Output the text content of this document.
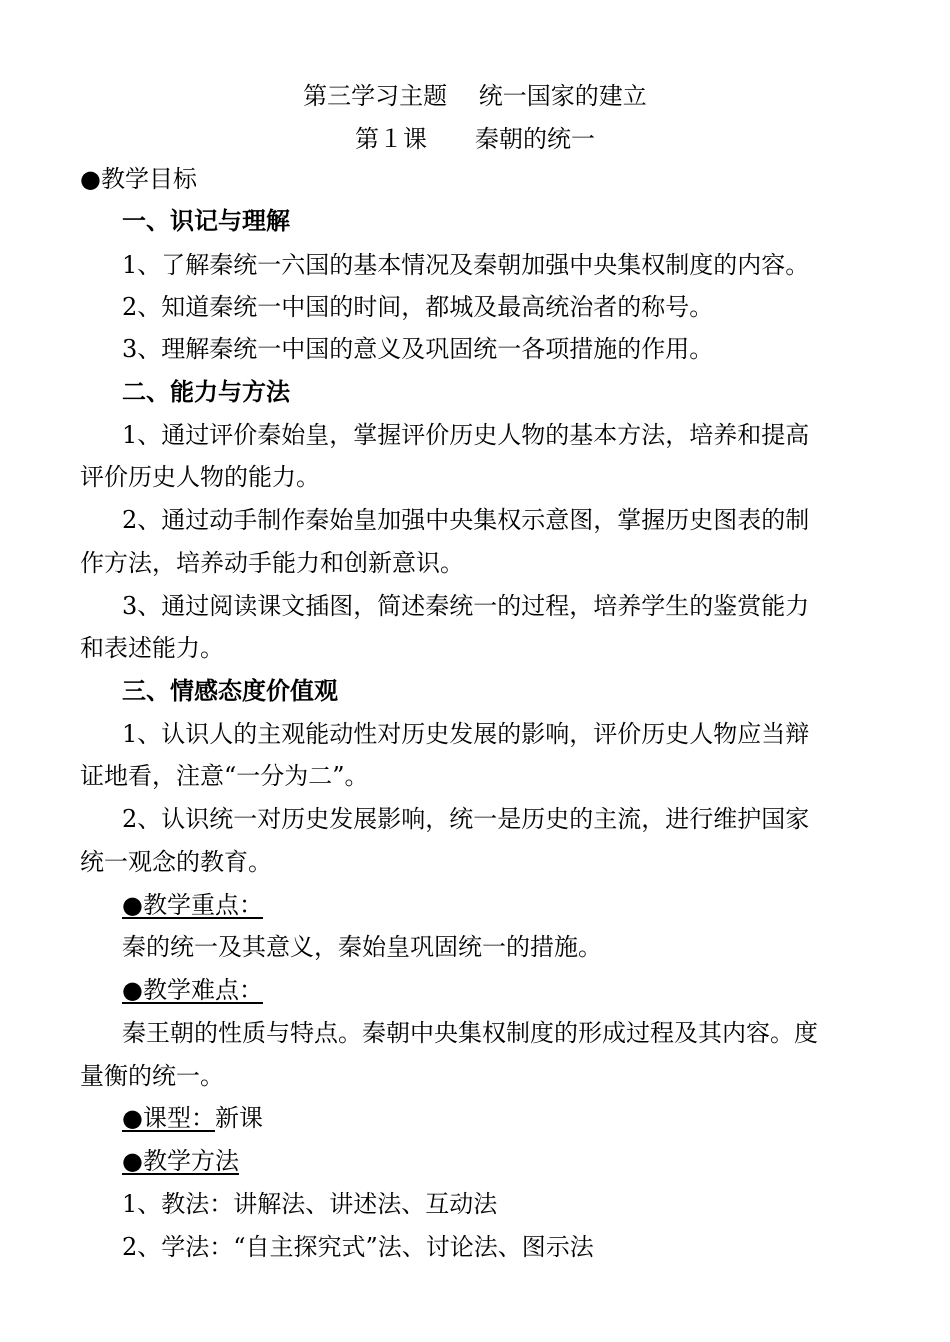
第三学习主题　 统一国家的建立
第１课　　秦朝的统一
●教学目标
一、识记与理解
1、了解秦统一六国的基本情况及秦朝加强中央集权制度的内容。
2、知道秦统一中国的时间，都城及最高统治者的称号。
3、理解秦统一中国的意义及巩固统一各项措施的作用。
二、能力与方法
1、通过评价秦始皇，掌握评价历史人物的基本方法，培养和提高
评价历史人物的能力。
2、通过动手制作秦始皇加强中央集权示意图，掌握历史图表的制
作方法，培养动手能力和创新意识。
3、通过阅读课文插图，简述秦统一的过程，培养学生的鉴赏能力
和表述能力。
三、情感态度价值观
1、认识人的主观能动性对历史发展的影响，评价历史人物应当辩
证地看，注意“一分为二”。
2、认识统一对历史发展影响，统一是历史的主流，进行维护国家
统一观念的教育。
●教学重点：
秦的统一及其意义，秦始皇巩固统一的措施。
●教学难点：
秦王朝的性质与特点。秦朝中央集权制度的形成过程及其内容。度
量衡的统一。
●课型：新课
●教学方法
1、教法：讲解法、讲述法、互动法
2、学法：“自主探究式”法、讨论法、图示法
